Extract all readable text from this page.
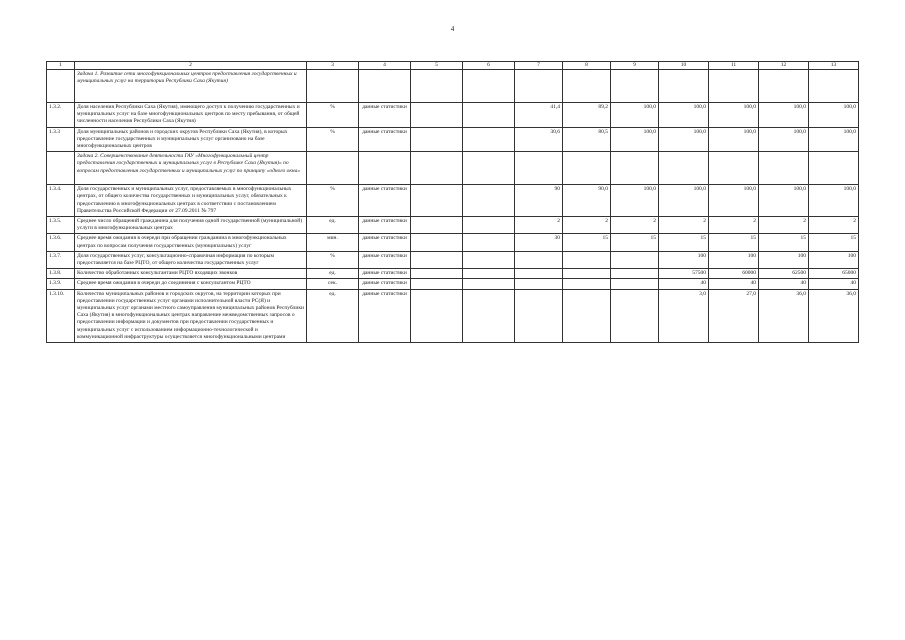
4
1	2	3	4	5	6	7	8	9	10	11	12	13
	Задача 1. Развитие сети многофункциональных центров предоставления государственных и муниципальных услуг на территории Республики Саха (Якутия)											
1.3.2.	Доля населения Республики Саха (Якутия), имеющего доступ к получению государственных и муниципальных услуг на базе многофункциональных центров по месту пребывания, от общей численности населения Республики Саха (Якутия)	%	данные статистики			41,4	89,2	100,0	100,0	100,0	100,0	100,0
1.3.3	Доля муниципальных районов и городских округов Республики Саха (Якутия), в которых предоставление государственных и муниципальных услуг организовано на базе многофункциональных центров	%	данные статистики			30,6	80,5	100,0	100,0	100,0	100,0	100,0
	Задача 2. Совершенствование деятельности ГАУ «Многофункциональный центр предоставления государственных и муниципальных услуг в Республике Саха (Якутия)» по вопросам предоставления государственных и муниципальных услуг по принципу «одного окна»											
1.3.4.	Доля государственных и муниципальных услуг, предоставляемых в многофункциональных центрах, от общего количества государственных и муниципальных услуг, обязательных к предоставлению в многофункциональных центрах в соответствии с постановлением Правительства Российской Федерации от 27.09.2011 № 797	%	данные статистики			90	90,0	100,0	100,0	100,0	100,0	100,0
1.3.5.	Среднее число обращений гражданина для получения одной государственной (муниципальной) услуги в многофункциональных центрах	ед.	данные статистики			2	2	2	2	2	2	2
1.3.6.	Среднее время ожидания в очереди при обращении гражданина в многофункциональных центрах по вопросам получения государственных (муниципальных) услуг	мин.	данные статистики			30	15	15	15	15	15	15
1.3.7.	Доля государственных услуг, консультационно-справочная информация по которым предоставляется на базе РЦТО, от общего количества государственных услуг	%	данные статистики						100	100	100	100
1.3.8.	Количество обработанных консультантами РЦТО входящих звонков	ед.	данные статистики						57500	60000	62500	65000
1.3.9.	Среднее время ожидания в очереди до соединения с консультантом РЦТО	сек.	данные статистики						40	40	40	40
1.3.10.	Количество муниципальных районов и городских округов, на территории которых при предоставлении государственных услуг органами исполнительной власти РС(Я) и муниципальных услуг органами местного самоуправления муниципальных районов Республики Саха (Якутия) в многофункциональных центрах направление межведомственных запросов о предоставлении информации и документов при предоставлении государственных и муниципальных услуг с использованием информационно-технологической и коммуникационной инфраструктуры осуществляется многофункциональными центрами	ед.	данные статистики						3,0	27,0	36,0	36,0
